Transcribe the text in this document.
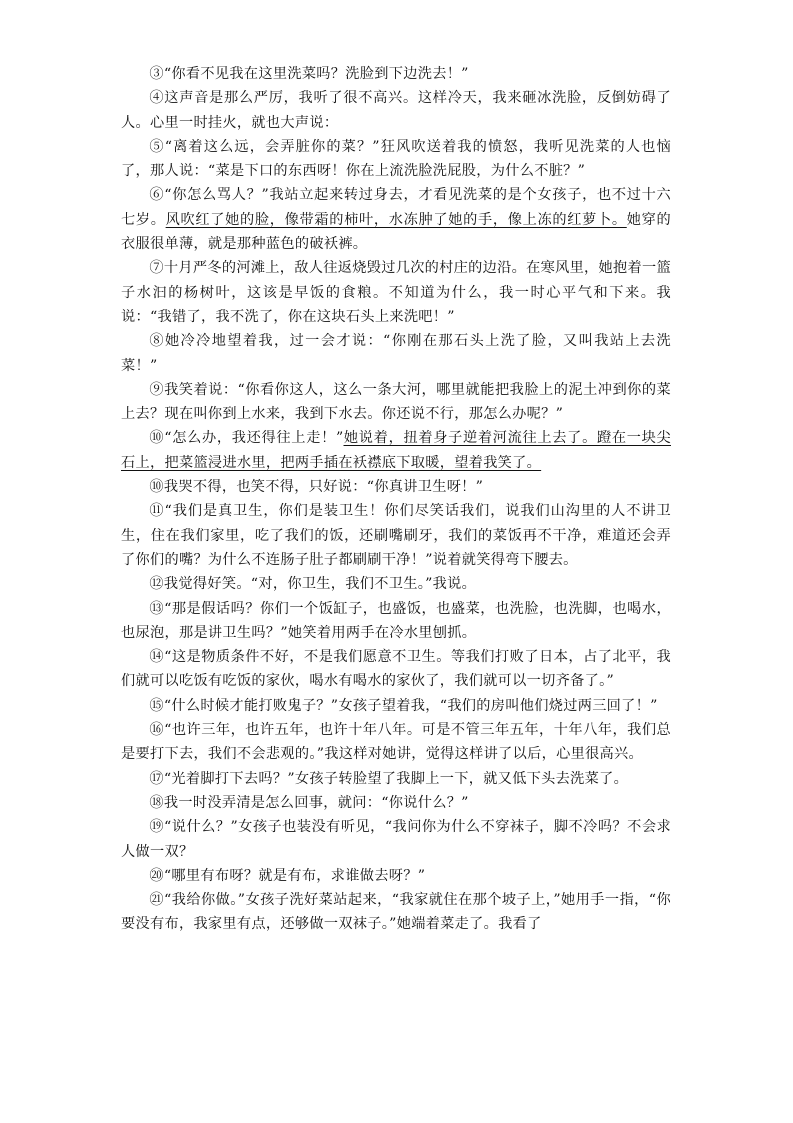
③“你看不见我在这里洗菜吗？洗脸到下边洗去！”

④这声音是那么严厉，我听了很不高兴。这样冷天，我来砸冰洗脸，反倒妨碍了人。心里一时挂火，就也大声说：

⑤“离着这么远，会弄脏你的菜？”狂风吹送着我的愤怒，我听见洗菜的人也恼了，那人说：“菜是下口的东西呀！你在上流洗脸洗屁股，为什么不脏？”

⑥“你怎么骂人？”我站立起来转过身去，才看见洗菜的是个女孩子，也不过十六七岁。风吹红了她的脸，像带霜的柿叶，水冻肿了她的手，像上冻的红萝卜。她穿的衣服很单薄，就是那种蓝色的破袄裤。

⑦十月严冬的河滩上，敌人往返烧毁过几次的村庄的边沿。在寒风里，她抱着一篮子水汩的杨树叶，这该是早饭的食粮。不知道为什么，我一时心平气和下来。我说：“我错了，我不洗了，你在这块石头上来洗吧！”

⑧她冷冷地望着我，过一会才说：“你刚在那石头上洗了脸，又叫我站上去洗菜！”

⑨我笑着说：“你看你这人，这么一条大河，哪里就能把我脸上的泥土冲到你的菜上去？现在叫你到上水来，我到下水去。你还说不行，那怎么办呢？”

⑩“怎么办，我还得往上走！”她说着，扭着身子逆着河流往上去了。蹬在一块尖石上，把菜篮浸进水里，把两手插在袄襟底下取暖，望着我笑了。

⑩我哭不得，也笑不得，只好说：“你真讲卫生呀！”

⑪“我们是真卫生，你们是装卫生！你们尽笑话我们，说我们山沟里的人不讲卫生，住在我们家里，吃了我们的饭，还刷嘴刷牙，我们的菜饭再不干净，难道还会弄了你们的嘴？为什么不连肠子肚子都刷刷干净！”说着就笑得弯下腰去。

⑫我觉得好笑。“对，你卫生，我们不卫生。”我说。

⑬“那是假话吗？你们一个饭缸子，也盛饭，也盛菜，也洗脸，也洗脚，也喝水，也尿泡，那是讲卫生吗？”她笑着用两手在冷水里刨抓。

⑭“这是物质条件不好，不是我们愿意不卫生。等我们打败了日本，占了北平，我们就可以吃饭有吃饭的家伙，喝水有喝水的家伙了，我们就可以一切齐备了。”

⑮“什么时候才能打败鬼子？”女孩子望着我，“我们的房叫他们烧过两三回了！”

⑯“也许三年，也许五年，也许十年八年。可是不管三年五年，十年八年，我们总是要打下去，我们不会悲观的。”我这样对她讲，觉得这样讲了以后，心里很高兴。

⑰“光着脚打下去吗？”女孩子转脸望了我脚上一下，就又低下头去洗菜了。

⑱我一时没弄清是怎么回事，就问：“你说什么？”

⑲“说什么？”女孩子也装没有听见，“我问你为什么不穿袜子，脚不冷吗？不会求人做一双？

⑳“哪里有布呀？就是有布，求谁做去呀？”

㉑“我给你做。”女孩子洗好菜站起来，“我家就住在那个坡子上，”她用手一指，“你要没有布，我家里有点，还够做一双袜子。”她端着菜走了。我看了
